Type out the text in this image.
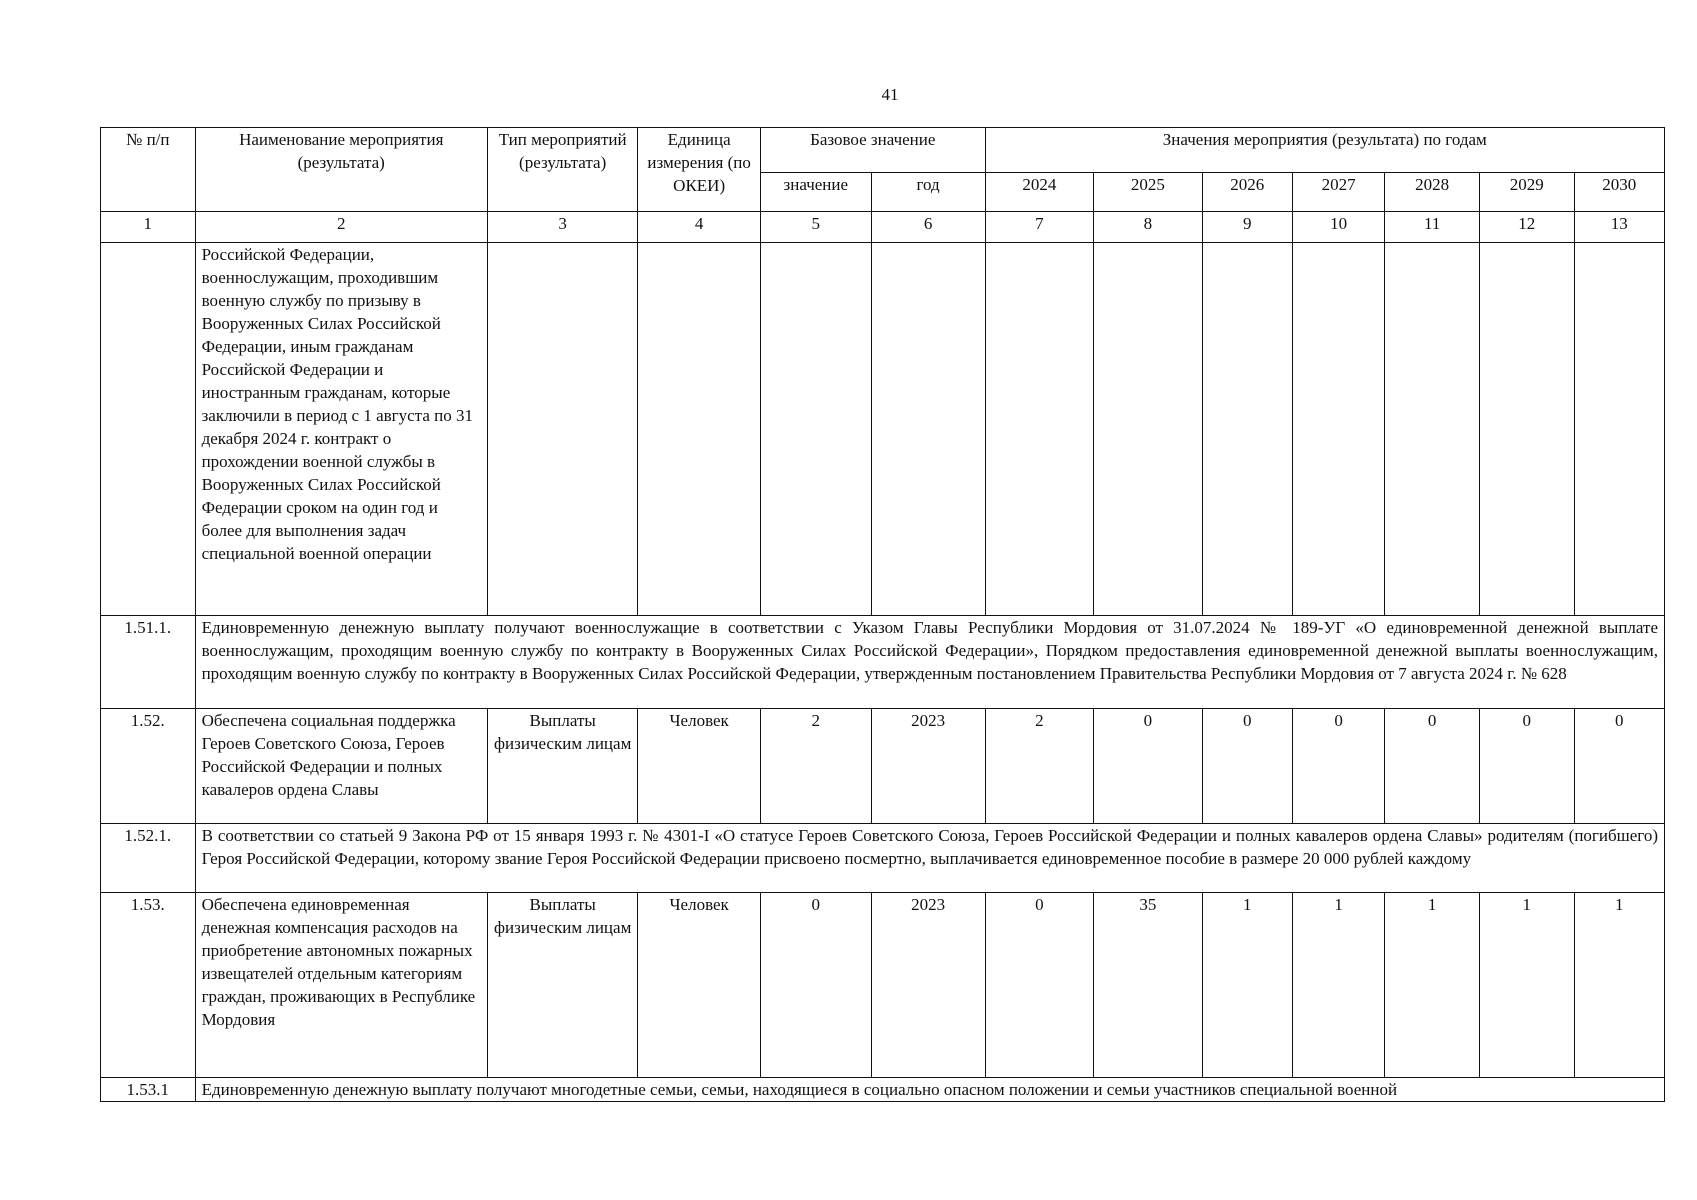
41
№ п/п	Наименование мероприятия (результата)	Тип мероприятий (результата)	Единица измерения (по ОКЕИ)	Базовое значение		Значения мероприятия (результата) по годам						
				значение	год	2024	2025	2026	2027	2028	2029	2030
1	2	3	4	5	6	7	8	9	10	11	12	13
	Российской Федерации, военнослужащим, проходившим военную службу по призыву в Вооруженных Силах Российской Федерации, иным гражданам Российской Федерации и иностранным гражданам, которые заключили в период с 1 августа по 31 декабря 2024 г. контракт о прохождении военной службы в Вооруженных Силах Российской Федерации сроком на один год и более для выполнения задач специальной военной операции											
1.51.1.	Единовременную денежную выплату получают военнослужащие в соответствии с Указом Главы Республики Мордовия от 31.07.2024 № 189-УГ «О единовременной денежной выплате военнослужащим, проходящим военную службу по контракту в Вооруженных Силах Российской Федерации», Порядком предоставления единовременной денежной выплаты военнослужащим, проходящим военную службу по контракту в Вооруженных Силах Российской Федерации, утвержденным постановлением Правительства Республики Мордовия от 7 августа 2024 г. № 628											
1.52.	Обеспечена социальная поддержка Героев Советского Союза, Героев Российской Федерации и полных кавалеров ордена Славы	Выплаты физическим лицам	Человек	2	2023	2	0	0	0	0	0	0
1.52.1.	В соответствии со статьей 9 Закона РФ от 15 января 1993 г. № 4301-I «О статусе Героев Советского Союза, Героев Российской Федерации и полных кавалеров ордена Славы» родителям (погибшего) Героя Российской Федерации, которому звание Героя Российской Федерации присвоено посмертно, выплачивается единовременное пособие в размере 20 000 рублей каждому											
1.53.	Обеспечена единовременная денежная компенсация расходов на приобретение автономных пожарных извещателей отдельным категориям граждан, проживающих в Республике Мордовия	Выплаты физическим лицам	Человек	0	2023	0	35	1	1	1	1	1
1.53.1	Единовременную денежную выплату получают многодетные семьи, семьи, находящиеся в социально опасном положении и семьи участников специальной военной											
